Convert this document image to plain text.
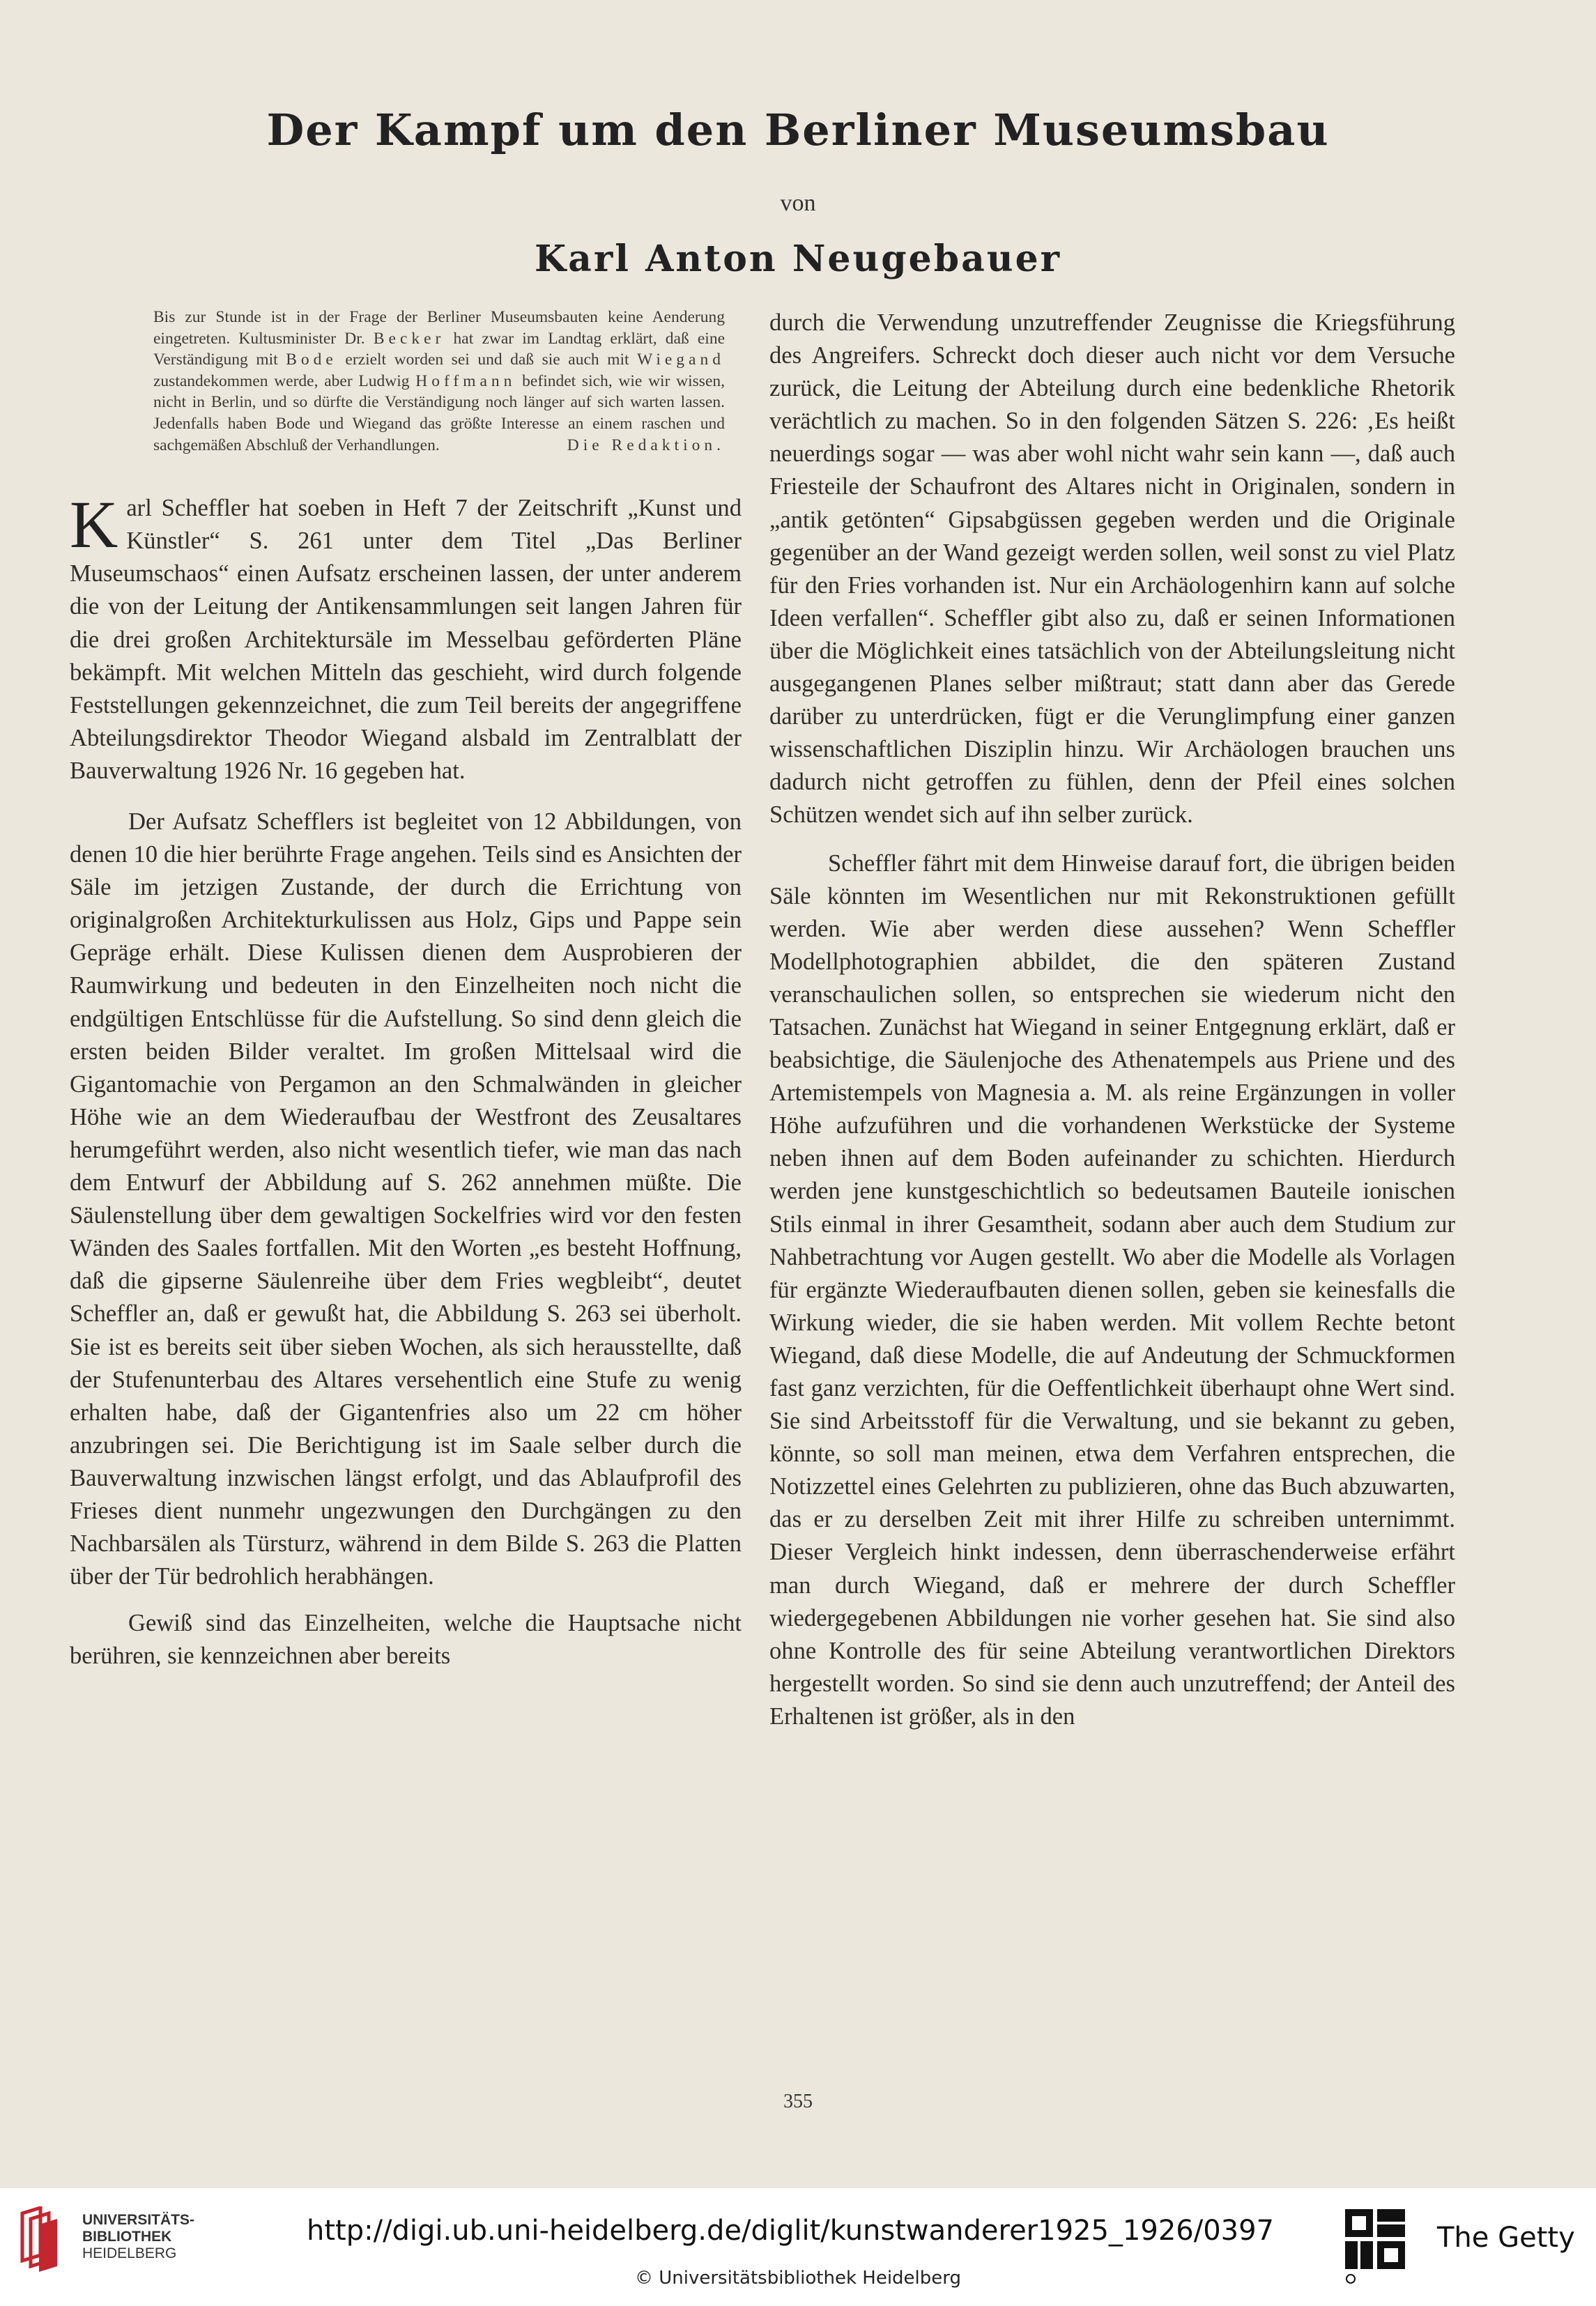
Der Kampf um den Berliner Museumsbau
von
Karl Anton Neugebauer

Bis zur Stunde ist in der Frage der Berliner Museumsbauten keine Aenderung eingetreten. Kultusminister Dr. Becker hat zwar im Landtag erklärt, daß eine Verständigung mit Bode erzielt worden sei und daß sie auch mit Wiegand zustandekommen werde, aber Ludwig Hoffmann befindet sich, wie wir wissen, nicht in Berlin, und so dürfte die Verständigung noch länger auf sich warten lassen. Jedenfalls haben Bode und Wiegand das größte Interesse an einem raschen und sachgemäßen Abschluß der Verhandlungen.	Die Redaktion.

Karl Scheffler hat soeben in Heft 7 der Zeitschrift „Kunst und Künstler“ S. 261 unter dem Titel „Das Berliner Museumschaos“ einen Aufsatz erscheinen lassen, der unter anderem die von der Leitung der Antikensammlungen seit langen Jahren für die drei großen Architektursäle im Messelbau geförderten Pläne bekämpft. Mit welchen Mitteln das geschieht, wird durch folgende Feststellungen gekennzeichnet, die zum Teil bereits der angegriffene Abteilungsdirektor Theodor Wiegand alsbald im Zentralblatt der Bauverwaltung 1926 Nr. 16 gegeben hat.

Der Aufsatz Schefflers ist begleitet von 12 Abbildungen, von denen 10 die hier berührte Frage angehen. Teils sind es Ansichten der Säle im jetzigen Zustande, der durch die Errichtung von originalgroßen Architekturkulissen aus Holz, Gips und Pappe sein Gepräge erhält. Diese Kulissen dienen dem Ausprobieren der Raumwirkung und bedeuten in den Einzelheiten noch nicht die endgültigen Entschlüsse für die Aufstellung. So sind denn gleich die ersten beiden Bilder veraltet. Im großen Mittelsaal wird die Gigantomachie von Pergamon an den Schmalwänden in gleicher Höhe wie an dem Wiederaufbau der Westfront des Zeusaltares herumgeführt werden, also nicht wesentlich tiefer, wie man das nach dem Entwurf der Abbildung auf S. 262 annehmen müßte. Die Säulenstellung über dem gewaltigen Sockelfries wird vor den festen Wänden des Saales fortfallen. Mit den Worten „es besteht Hoffnung, daß die gipserne Säulenreihe über dem Fries wegbleibt“, deutet Scheffler an, daß er gewußt hat, die Abbildung S. 263 sei überholt. Sie ist es bereits seit über sieben Wochen, als sich herausstellte, daß der Stufenunterbau des Altares versehentlich eine Stufe zu wenig erhalten habe, daß der Gigantenfries also um 22 cm höher anzubringen sei. Die Berichtigung ist im Saale selber durch die Bauverwaltung inzwischen längst erfolgt, und das Ablaufprofil des Frieses dient nunmehr ungezwungen den Durchgängen zu den Nachbarsälen als Türsturz, während in dem Bilde S. 263 die Platten über der Tür bedrohlich herabhängen.

Gewiß sind das Einzelheiten, welche die Hauptsache nicht berühren, sie kennzeichnen aber bereits

durch die Verwendung unzutreffender Zeugnisse die Kriegsführung des Angreifers. Schreckt doch dieser auch nicht vor dem Versuche zurück, die Leitung der Abteilung durch eine bedenkliche Rhetorik verächtlich zu machen. So in den folgenden Sätzen S. 226: ‚Es heißt neuerdings sogar — was aber wohl nicht wahr sein kann —, daß auch Friesteile der Schaufront des Altares nicht in Originalen, sondern in „antik getönten“ Gipsabgüssen gegeben werden und die Originale gegenüber an der Wand gezeigt werden sollen, weil sonst zu viel Platz für den Fries vorhanden ist. Nur ein Archäologenhirn kann auf solche Ideen verfallen“. Scheffler gibt also zu, daß er seinen Informationen über die Möglichkeit eines tatsächlich von der Abteilungsleitung nicht ausgegangenen Planes selber mißtraut; statt dann aber das Gerede darüber zu unterdrücken, fügt er die Verunglimpfung einer ganzen wissenschaftlichen Disziplin hinzu. Wir Archäologen brauchen uns dadurch nicht getroffen zu fühlen, denn der Pfeil eines solchen Schützen wendet sich auf ihn selber zurück.

Scheffler fährt mit dem Hinweise darauf fort, die übrigen beiden Säle könnten im Wesentlichen nur mit Rekonstruktionen gefüllt werden. Wie aber werden diese aussehen? Wenn Scheffler Modellphotographien abbildet, die den späteren Zustand veranschaulichen sollen, so entsprechen sie wiederum nicht den Tatsachen. Zunächst hat Wiegand in seiner Entgegnung erklärt, daß er beabsichtige, die Säulenjoche des Athenatempels aus Priene und des Artemistempels von Magnesia a. M. als reine Ergänzungen in voller Höhe aufzuführen und die vorhandenen Werkstücke der Systeme neben ihnen auf dem Boden aufeinander zu schichten. Hierdurch werden jene kunstgeschichtlich so bedeutsamen Bauteile ionischen Stils einmal in ihrer Gesamtheit, sodann aber auch dem Studium zur Nahbetrachtung vor Augen gestellt. Wo aber die Modelle als Vorlagen für ergänzte Wiederaufbauten dienen sollen, geben sie keinesfalls die Wirkung wieder, die sie haben werden. Mit vollem Rechte betont Wiegand, daß diese Modelle, die auf Andeutung der Schmuckformen fast ganz verzichten, für die Oeffentlichkeit überhaupt ohne Wert sind. Sie sind Arbeitsstoff für die Verwaltung, und sie bekannt zu geben, könnte, so soll man meinen, etwa dem Verfahren entsprechen, die Notizzettel eines Gelehrten zu publizieren, ohne das Buch abzuwarten, das er zu derselben Zeit mit ihrer Hilfe zu schreiben unternimmt. Dieser Vergleich hinkt indessen, denn überraschenderweise erfährt man durch Wiegand, daß er mehrere der durch Scheffler wiedergegebenen Abbildungen nie vorher gesehen hat. Sie sind also ohne Kontrolle des für seine Abteilung verantwortlichen Direktors hergestellt worden. So sind sie denn auch unzutreffend; der Anteil des Erhaltenen ist größer, als in den

355
UNIVERSITÄTS-
BIBLIOTHEK
HEIDELBERG
http://digi.ub.uni-heidelberg.de/diglit/kunstwanderer1925_1926/0397
© Universitätsbibliothek Heidelberg
The Getty
